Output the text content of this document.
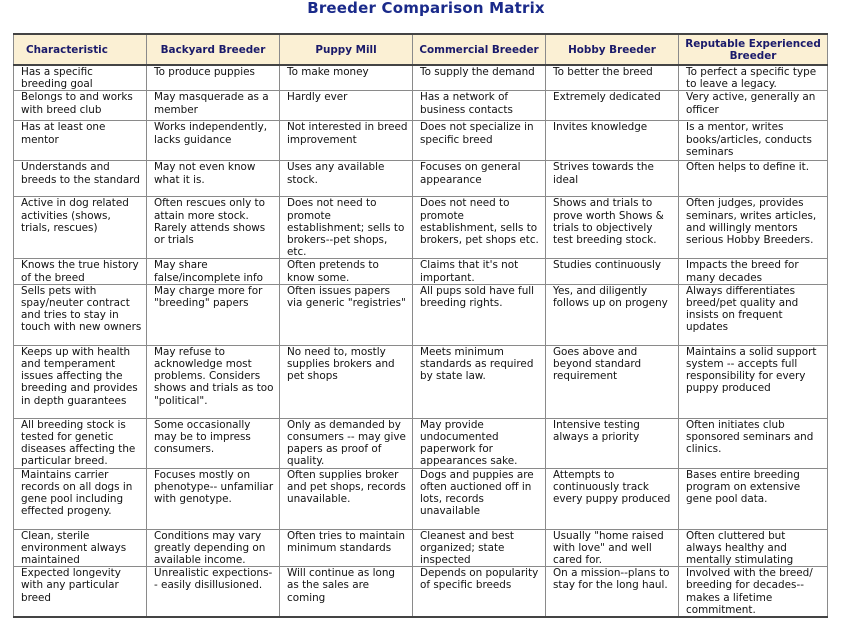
Breeder Comparison Matrix
Characteristic	Backyard Breeder	Puppy Mill	Commercial Breeder	Hobby Breeder	Reputable Experienced Breeder
Has a specific breeding goal	To produce puppies	To make money	To supply the demand	To better the breed	To perfect a specific type to leave a legacy.
Belongs to and works with breed club	May masquerade as a member	Hardly ever	Has a network of business contacts	Extremely dedicated	Very active, generally an officer
Has at least one mentor	Works independently, lacks guidance	Not interested in breed improvement	Does not specialize in specific breed	Invites knowledge	Is a mentor, writes books/articles, conducts seminars
Understands and breeds to the standard	May not even know what it is.	Uses any available stock.	Focuses on general appearance	Strives towards the ideal	Often helps to define it.
Active in dog related activities (shows, trials, rescues)	Often rescues only to attain more stock. Rarely attends shows or trials	Does not need to promote establishment; sells to brokers--pet shops, etc.	Does not need to promote establishment, sells to brokers, pet shops etc.	Shows and trials to prove worth Shows & trials to objectively test breeding stock.	Often judges, provides seminars, writes articles, and willingly mentors serious Hobby Breeders.
Knows the true history of the breed	May share false/incomplete info	Often pretends to know some.	Claims that it's not important.	Studies continuously	Impacts the breed for many decades
Sells pets with spay/neuter contract and tries to stay in touch with new owners	May charge more for "breeding" papers	Often issues papers via generic "registries"	All pups sold have full breeding rights.	Yes, and diligently follows up on progeny	Always differentiates breed/pet quality and insists on frequent updates
Keeps up with health and temperament issues affecting the breeding and provides in depth guarantees	May refuse to acknowledge most problems. Considers shows and trials as too "political".	No need to, mostly supplies brokers and pet shops	Meets minimum standards as required by state law.	Goes above and beyond standard requirement	Maintains a solid support system -- accepts full responsibility for every puppy produced
All breeding stock is tested for genetic diseases affecting the particular breed.	Some occasionally may be to impress consumers.	Only as demanded by consumers -- may give papers as proof of quality.	May provide undocumented paperwork for appearances sake.	Intensive testing always a priority	Often initiates club sponsored seminars and clinics.
Maintains carrier records on all dogs in gene pool including effected progeny.	Focuses mostly on phenotype-- unfamiliar with genotype.	Often supplies broker and pet shops, records unavailable.	Dogs and puppies are often auctioned off in lots, records unavailable	Attempts to continuously track every puppy produced	Bases entire breeding program on extensive gene pool data.
Clean, sterile environment always maintained	Conditions may vary greatly depending on available income.	Often tries to maintain minimum standards	Cleanest and best organized; state inspected	Usually "home raised with love" and well cared for.	Often cluttered but always healthy and mentally stimulating
Expected longevity with any particular breed	Unrealistic expections-- easily disillusioned.	Will continue as long as the sales are coming	Depends on popularity of specific breeds	On a mission--plans to stay for the long haul.	Involved with the breed/ breeding for decades--makes a lifetime commitment.
